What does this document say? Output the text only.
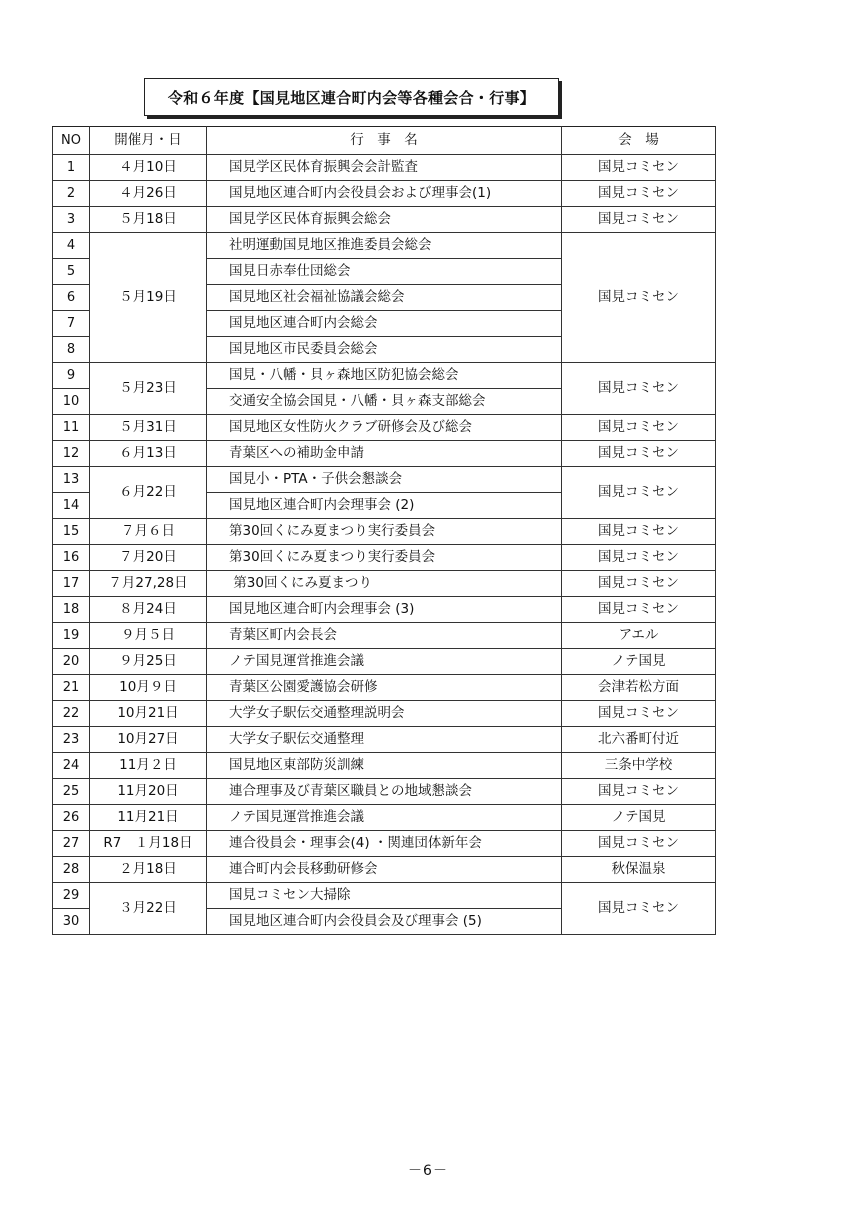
令和６年度【国見地区連合町内会等各種会合・行事】
NO	開催月・日	行　事　名	会　場
1	４月10日	国見学区民体育振興会会計監査	国見コミセン
2	４月26日	国見地区連合町内会役員会および理事会(1)	国見コミセン
3	５月18日	国見学区民体育振興会総会	国見コミセン
4	５月19日	社明運動国見地区推進委員会総会	国見コミセン
5		国見日赤奉仕団総会	
6		国見地区社会福祉協議会総会	
7		国見地区連合町内会総会	
8		国見地区市民委員会総会	
9	５月23日	国見・八幡・貝ヶ森地区防犯協会総会	国見コミセン
10		交通安全協会国見・八幡・貝ヶ森支部総会	
11	５月31日	国見地区女性防火クラブ研修会及び総会	国見コミセン
12	６月13日	青葉区への補助金申請	国見コミセン
13	６月22日	国見小・PTA・子供会懇談会	国見コミセン
14		国見地区連合町内会理事会 (2)	
15	７月６日	第30回くにみ夏まつり実行委員会	国見コミセン
16	７月20日	第30回くにみ夏まつり実行委員会	国見コミセン
17	７月27,28日	第30回くにみ夏まつり	国見コミセン
18	８月24日	国見地区連合町内会理事会 (3)	国見コミセン
19	９月５日	青葉区町内会長会	アエル
20	９月25日	ノテ国見運営推進会議	ノテ国見
21	10月９日	青葉区公園愛護協会研修	会津若松方面
22	10月21日	大学女子駅伝交通整理説明会	国見コミセン
23	10月27日	大学女子駅伝交通整理	北六番町付近
24	11月２日	国見地区東部防災訓練	三条中学校
25	11月20日	連合理事及び青葉区職員との地域懇談会	国見コミセン
26	11月21日	ノテ国見運営推進会議	ノテ国見
27	R7　１月18日	連合役員会・理事会(4) ・関連団体新年会	国見コミセン
28	２月18日	連合町内会長移動研修会	秋保温泉
29	３月22日	国見コミセン大掃除	国見コミセン
30		国見地区連合町内会役員会及び理事会 (5)	
－6－
